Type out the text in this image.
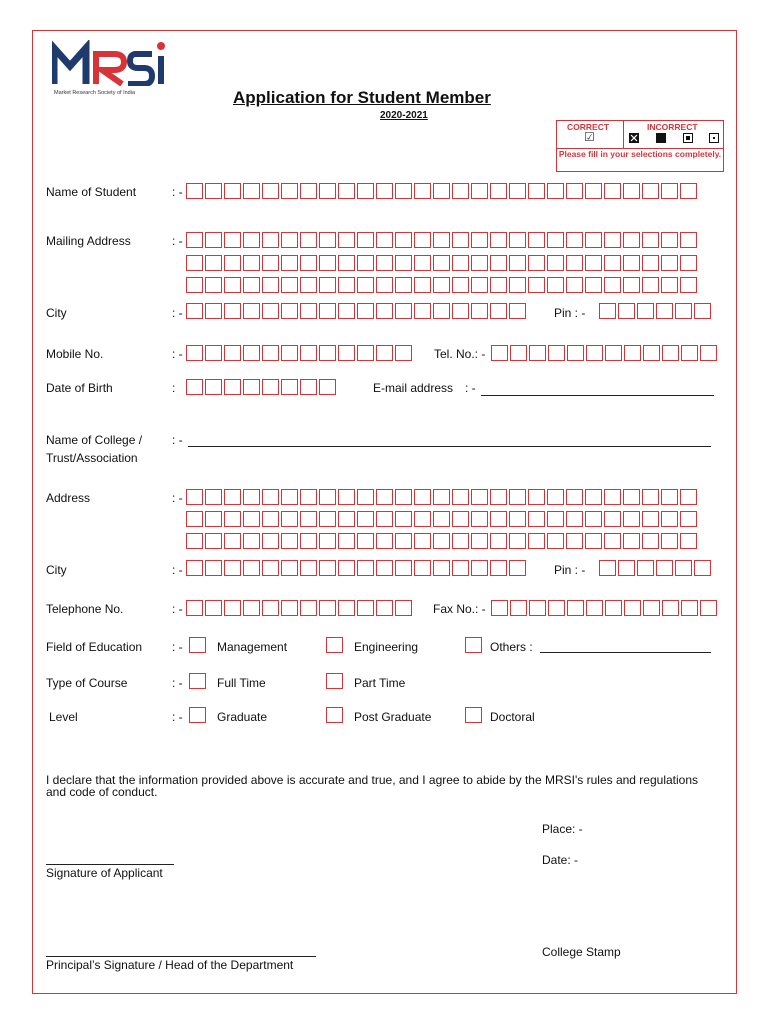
Market Research Society of India	Application for Student Member
2020-2021
CORRECT	INCORRECT
☑
Please fill in your selections completely.
Name of Student	: -
Mailing Address	: -
City	: -	Pin : -
Mobile No.	: -	Tel. No.: -
Date of Birth	:	E-mail address : -
Name of College /
Trust/Association
: -
Address	: -
City	: -	Pin : -
Telephone No.	: -	Fax No.: -
Field of Education : -	Management	Engineering	Others :
Type of Course	: -	Full Time	Part Time
Level	: -	Graduate	Post Graduate	Doctoral
I declare that the information provided above is accurate and true, and I agree to abide by the MRSI's rules and regulations and code of conduct.
Place: -
Date: -
Signature of Applicant
Principal’s Signature / Head of the Department
College Stamp
